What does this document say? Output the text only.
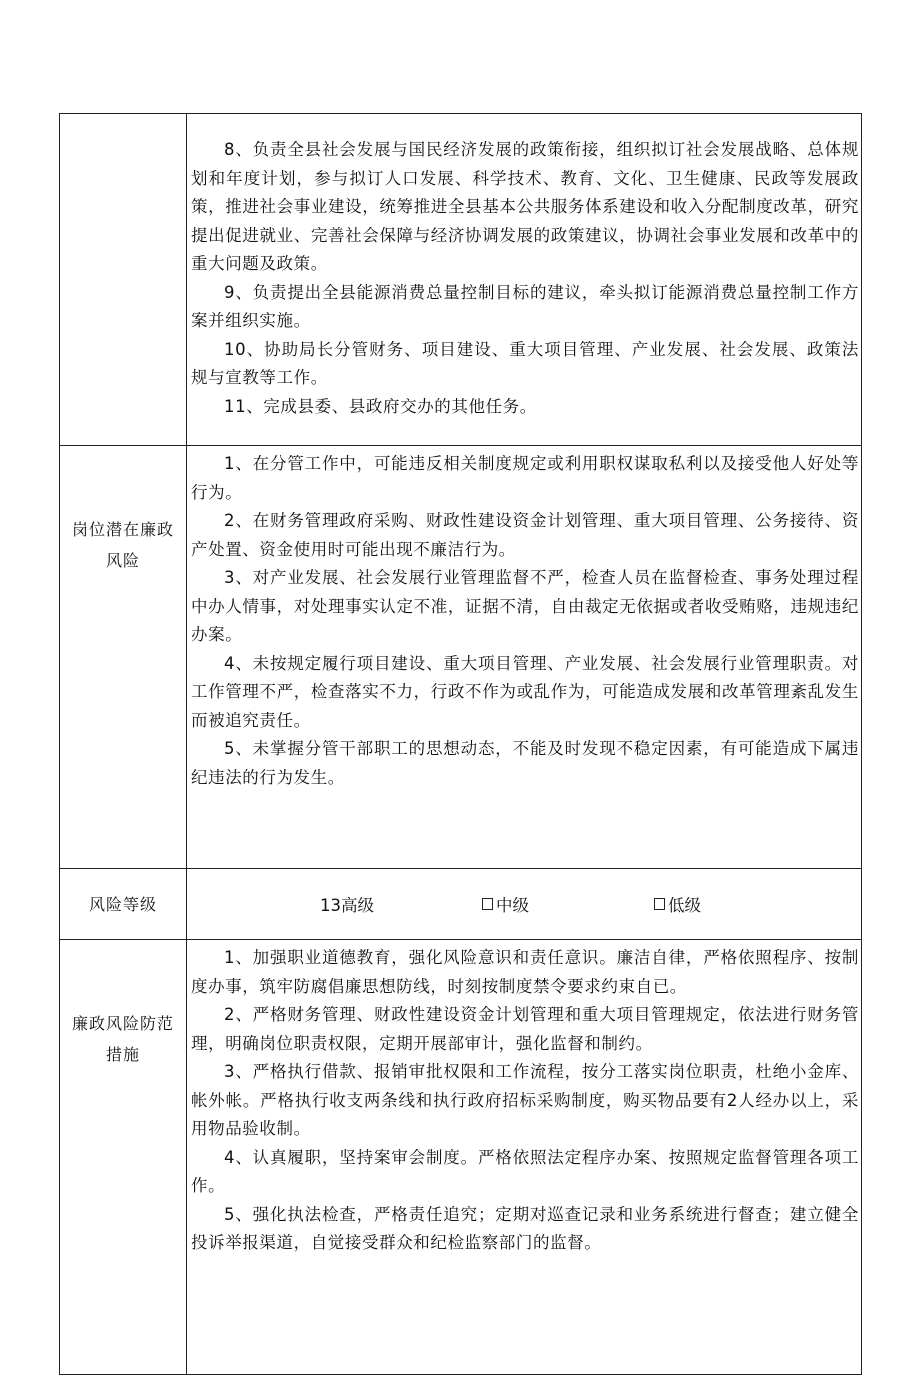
	8、负责全县社会发展与国民经济发展的政策衔接，组织拟订社会发展战略、总体规划和年度计划，参与拟订人口发展、科学技术、教育、文化、卫生健康、民政等发展政策，推进社会事业建设，统筹推进全县基本公共服务体系建设和收入分配制度改革，研究提出促进就业、完善社会保障与经济协调发展的政策建议，协调社会事业发展和改革中的重大问题及政策。

9、负责提出全县能源消费总量控制目标的建议，牵头拟订能源消费总量控制工作方案并组织实施。

10、协助局长分管财务、项目建设、重大项目管理、产业发展、社会发展、政策法规与宣教等工作。

11、完成县委、县政府交办的其他任务。

岗位潜在廉政风险	1、在分管工作中，可能违反相关制度规定或利用职权谋取私利以及接受他人好处等行为。

2、在财务管理政府采购、财政性建设资金计划管理、重大项目管理、公务接待、资产处置、资金使用时可能出现不廉洁行为。

3、对产业发展、社会发展行业管理监督不严，检查人员在监督检查、事务处理过程中办人情事，对处理事实认定不准，证据不清，自由裁定无依据或者收受贿赂，违规违纪办案。

4、未按规定履行项目建设、重大项目管理、产业发展、社会发展行业管理职责。对工作管理不严，检查落实不力，行政不作为或乱作为，可能造成发展和改革管理紊乱发生而被追究责任。

5、未掌握分管干部职工的思想动态，不能及时发现不稳定因素，有可能造成下属违纪违法的行为发生。

风险等级	13高级 中级 低级

廉政风险防范措施	1、加强职业道德教育，强化风险意识和责任意识。廉洁自律，严格依照程序、按制度办事，筑牢防腐倡廉思想防线，时刻按制度禁令要求约束自已。

2、严格财务管理、财政性建设资金计划管理和重大项目管理规定，依法进行财务管理，明确岗位职责权限，定期开展部审计，强化监督和制约。

3、严格执行借款、报销审批权限和工作流程，按分工落实岗位职责，杜绝小金库、帐外帐。严格执行收支两条线和执行政府招标采购制度，购买物品要有2人经办以上，采用物品验收制。

4、认真履职，坚持案审会制度。严格依照法定程序办案、按照规定监督管理各项工作。

5、强化执法检查，严格责任追究；定期对巡查记录和业务系统进行督查；建立健全投诉举报渠道，自觉接受群众和纪检监察部门的监督。
